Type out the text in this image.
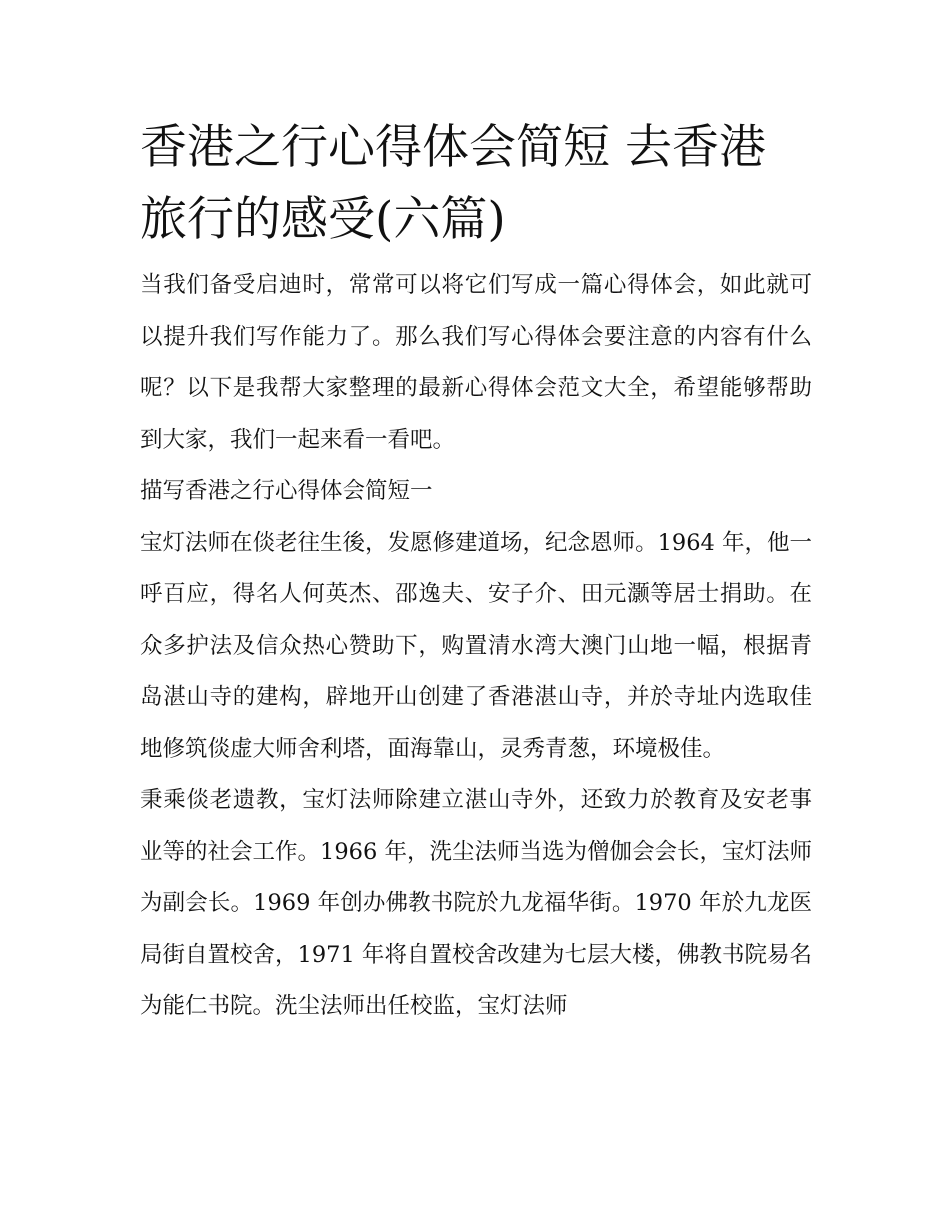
香港之行心得体会简短 去香港旅行的感受(六篇)

当我们备受启迪时，常常可以将它们写成一篇心得体会，如此就可以提升我们写作能力了。那么我们写心得体会要注意的内容有什么呢？以下是我帮大家整理的最新心得体会范文大全，希望能够帮助到大家，我们一起来看一看吧。

描写香港之行心得体会简短一

宝灯法师在倓老往生後，发愿修建道场，纪念恩师。1964 年，他一呼百应，得名人何英杰、邵逸夫、安子介、田元灏等居士捐助。在众多护法及信众热心赞助下，购置清水湾大澳门山地一幅，根据青岛湛山寺的建构，辟地开山创建了香港湛山寺，并於寺址内选取佳地修筑倓虚大师舍利塔，面海靠山，灵秀青葱，环境极佳。

秉乘倓老遗教，宝灯法师除建立湛山寺外，还致力於教育及安老事业等的社会工作。1966 年，洗尘法师当选为僧伽会会长，宝灯法师为副会长。1969 年创办佛教书院於九龙福华街。1970 年於九龙医局街自置校舍，1971 年将自置校舍改建为七层大楼，佛教书院易名为能仁书院。洗尘法师出任校监，宝灯法师
